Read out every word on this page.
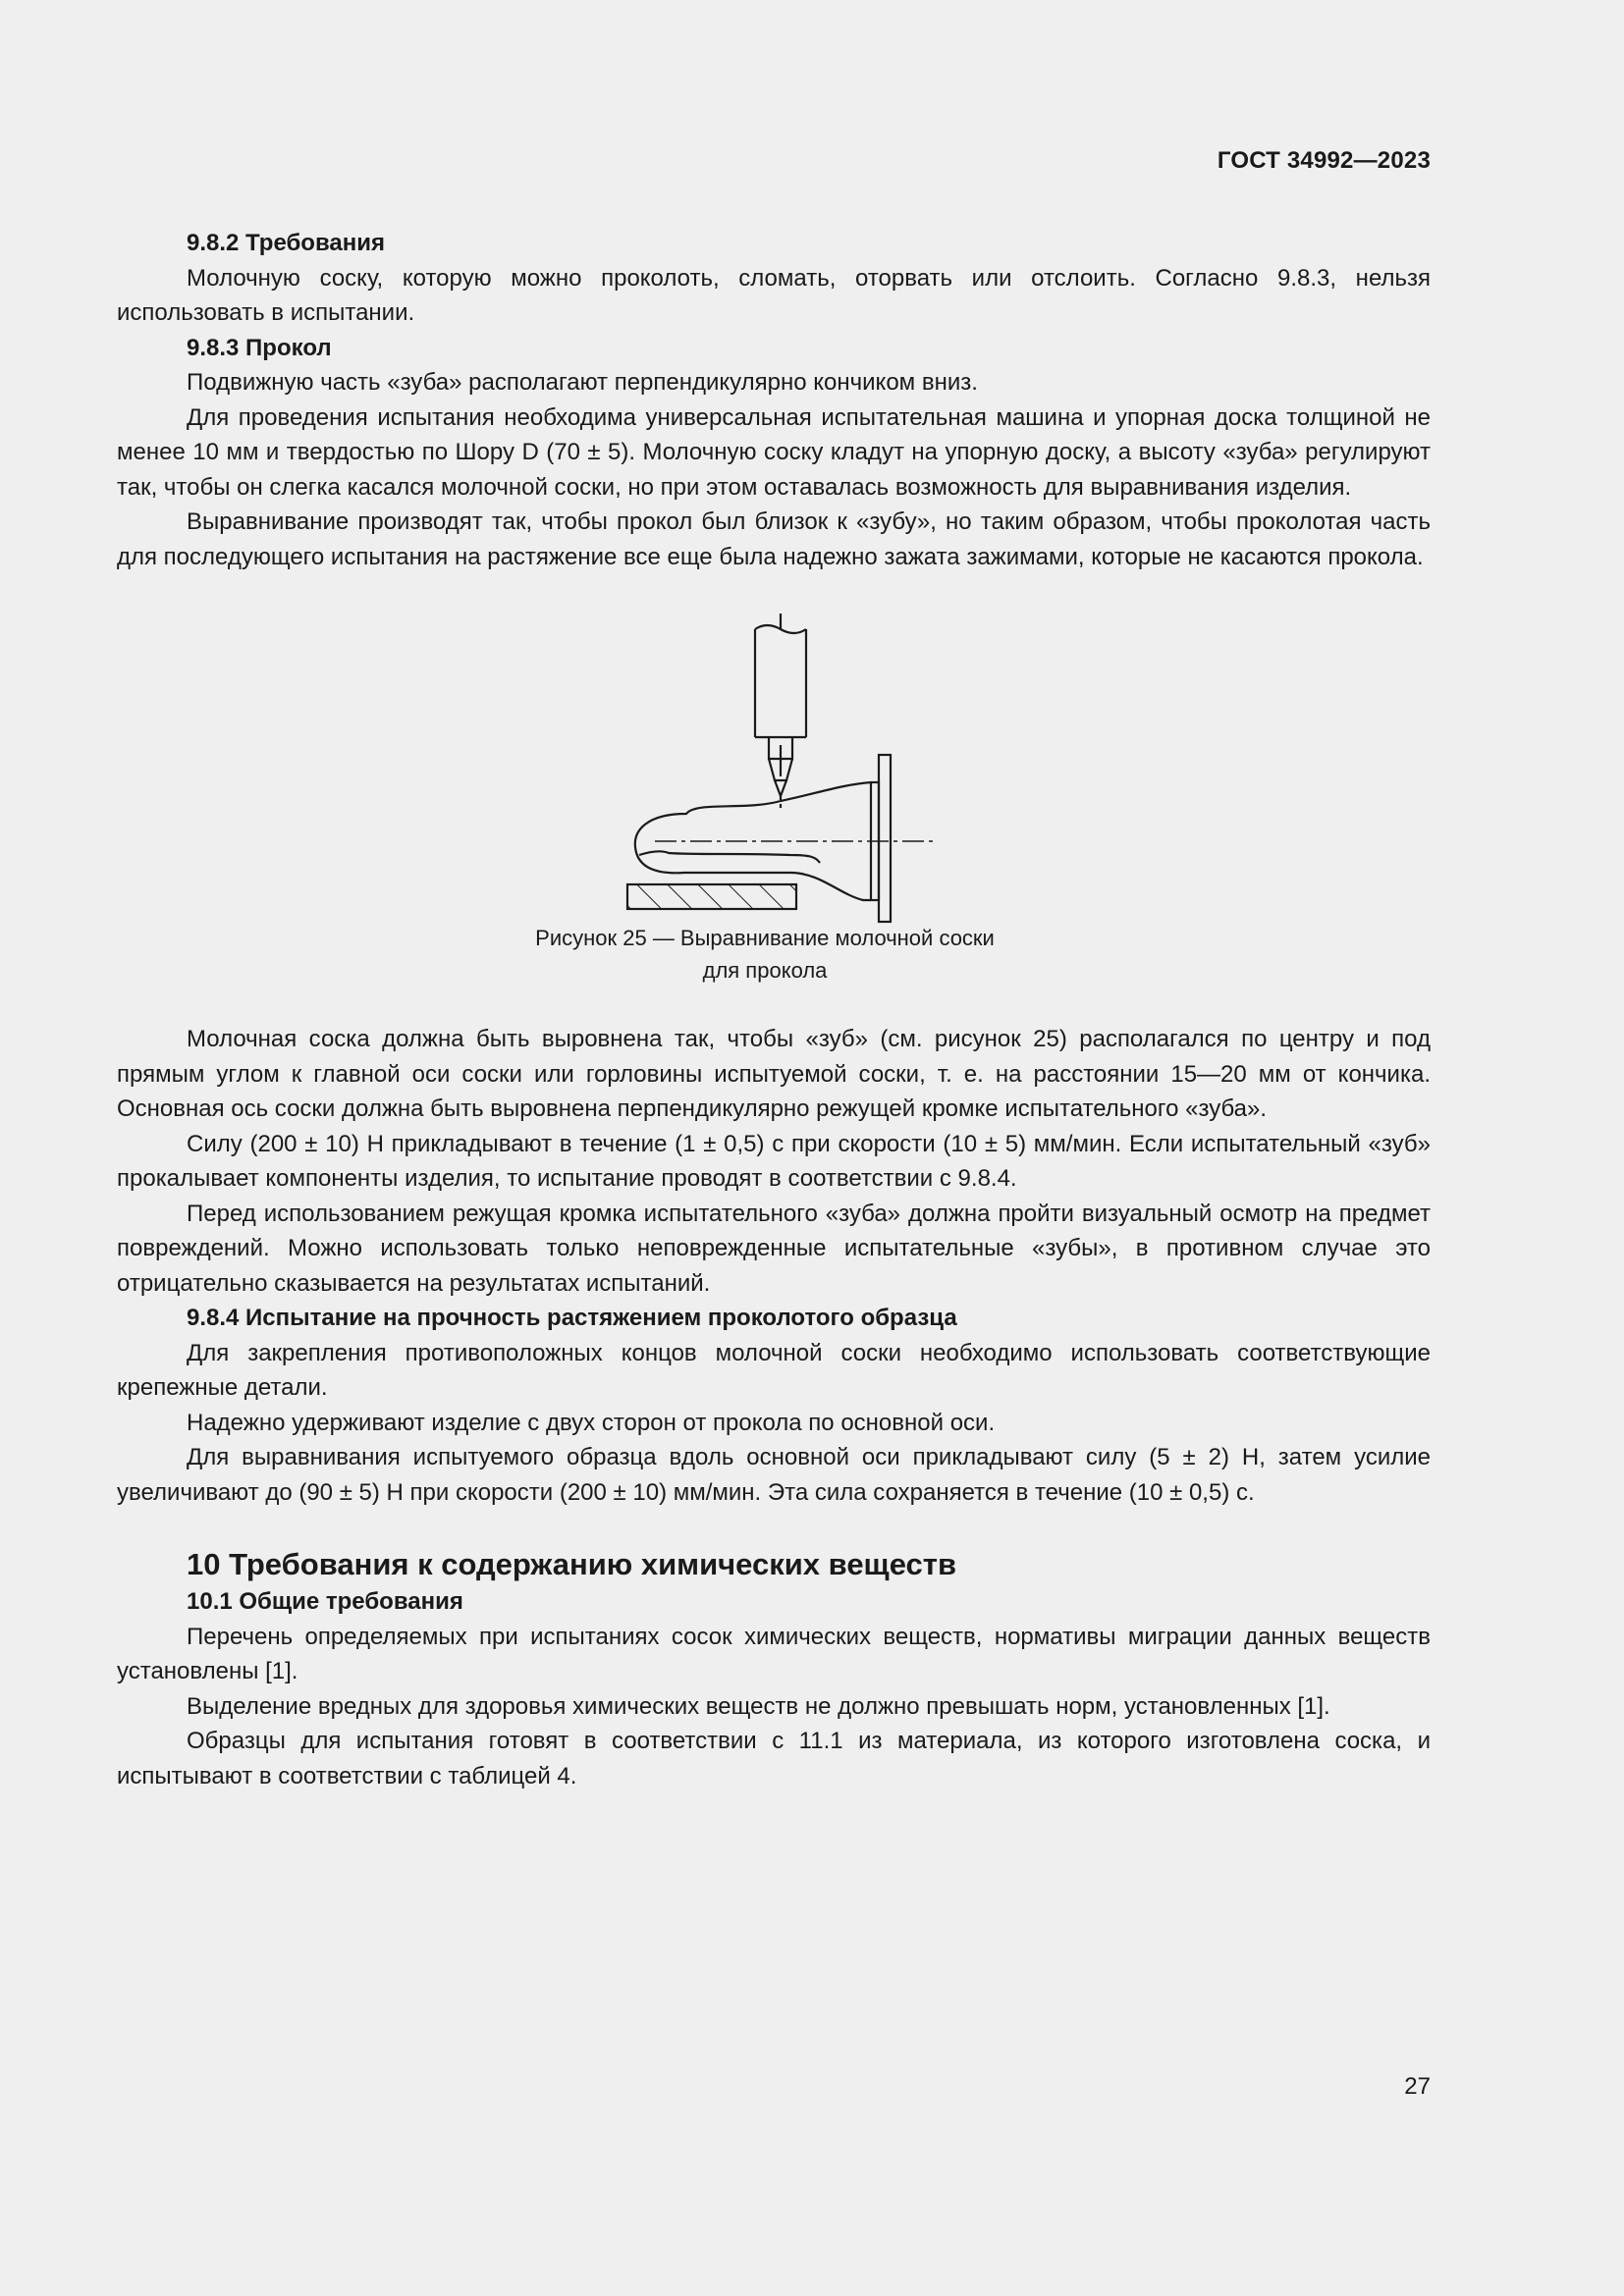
ГОСТ 34992—2023
9.8.2 Требования

Молочную соску, которую можно проколоть, сломать, оторвать или отслоить. Согласно 9.8.3, нельзя использовать в испытании.

9.8.3 Прокол

Подвижную часть «зуба» располагают перпендикулярно кончиком вниз.

Для проведения испытания необходима универсальная испытательная машина и упорная доска толщиной не менее 10 мм и твердостью по Шору D (70 ± 5). Молочную соску кладут на упорную доску, а высоту «зуба» регулируют так, чтобы он слегка касался молочной соски, но при этом оставалась возможность для выравнивания изделия.

Выравнивание производят так, чтобы прокол был близок к «зубу», но таким образом, чтобы проколотая часть для последующего испытания на растяжение все еще была надежно зажата зажимами, которые не касаются прокола.

Рисунок 25 — Выравнивание молочной соски
для прокола

Молочная соска должна быть выровнена так, чтобы «зуб» (см. рисунок 25) располагался по центру и под прямым углом к главной оси соски или горловины испытуемой соски, т. е. на расстоянии 15—20 мм от кончика. Основная ось соски должна быть выровнена перпендикулярно режущей кромке испытательного «зуба».

Силу (200 ± 10) Н прикладывают в течение (1 ± 0,5) с при скорости (10 ± 5) мм/мин. Если испытательный «зуб» прокалывает компоненты изделия, то испытание проводят в соответствии с 9.8.4.

Перед использованием режущая кромка испытательного «зуба» должна пройти визуальный осмотр на предмет повреждений. Можно использовать только неповрежденные испытательные «зубы», в противном случае это отрицательно сказывается на результатах испытаний.

9.8.4 Испытание на прочность растяжением проколотого образца

Для закрепления противоположных концов молочной соски необходимо использовать соответствующие крепежные детали.

Надежно удерживают изделие с двух сторон от прокола по основной оси.

Для выравнивания испытуемого образца вдоль основной оси прикладывают силу (5 ± 2) Н, затем усилие увеличивают до (90 ± 5) Н при скорости (200 ± 10) мм/мин. Эта сила сохраняется в течение (10 ± 0,5) с.

10 Требования к содержанию химических веществ
10.1 Общие требования

Перечень определяемых при испытаниях сосок химических веществ, нормативы миграции данных веществ установлены [1].

Выделение вредных для здоровья химических веществ не должно превышать норм, установленных [1].

Образцы для испытания готовят в соответствии с 11.1 из материала, из которого изготовлена соска, и испытывают в соответствии с таблицей 4.

27
